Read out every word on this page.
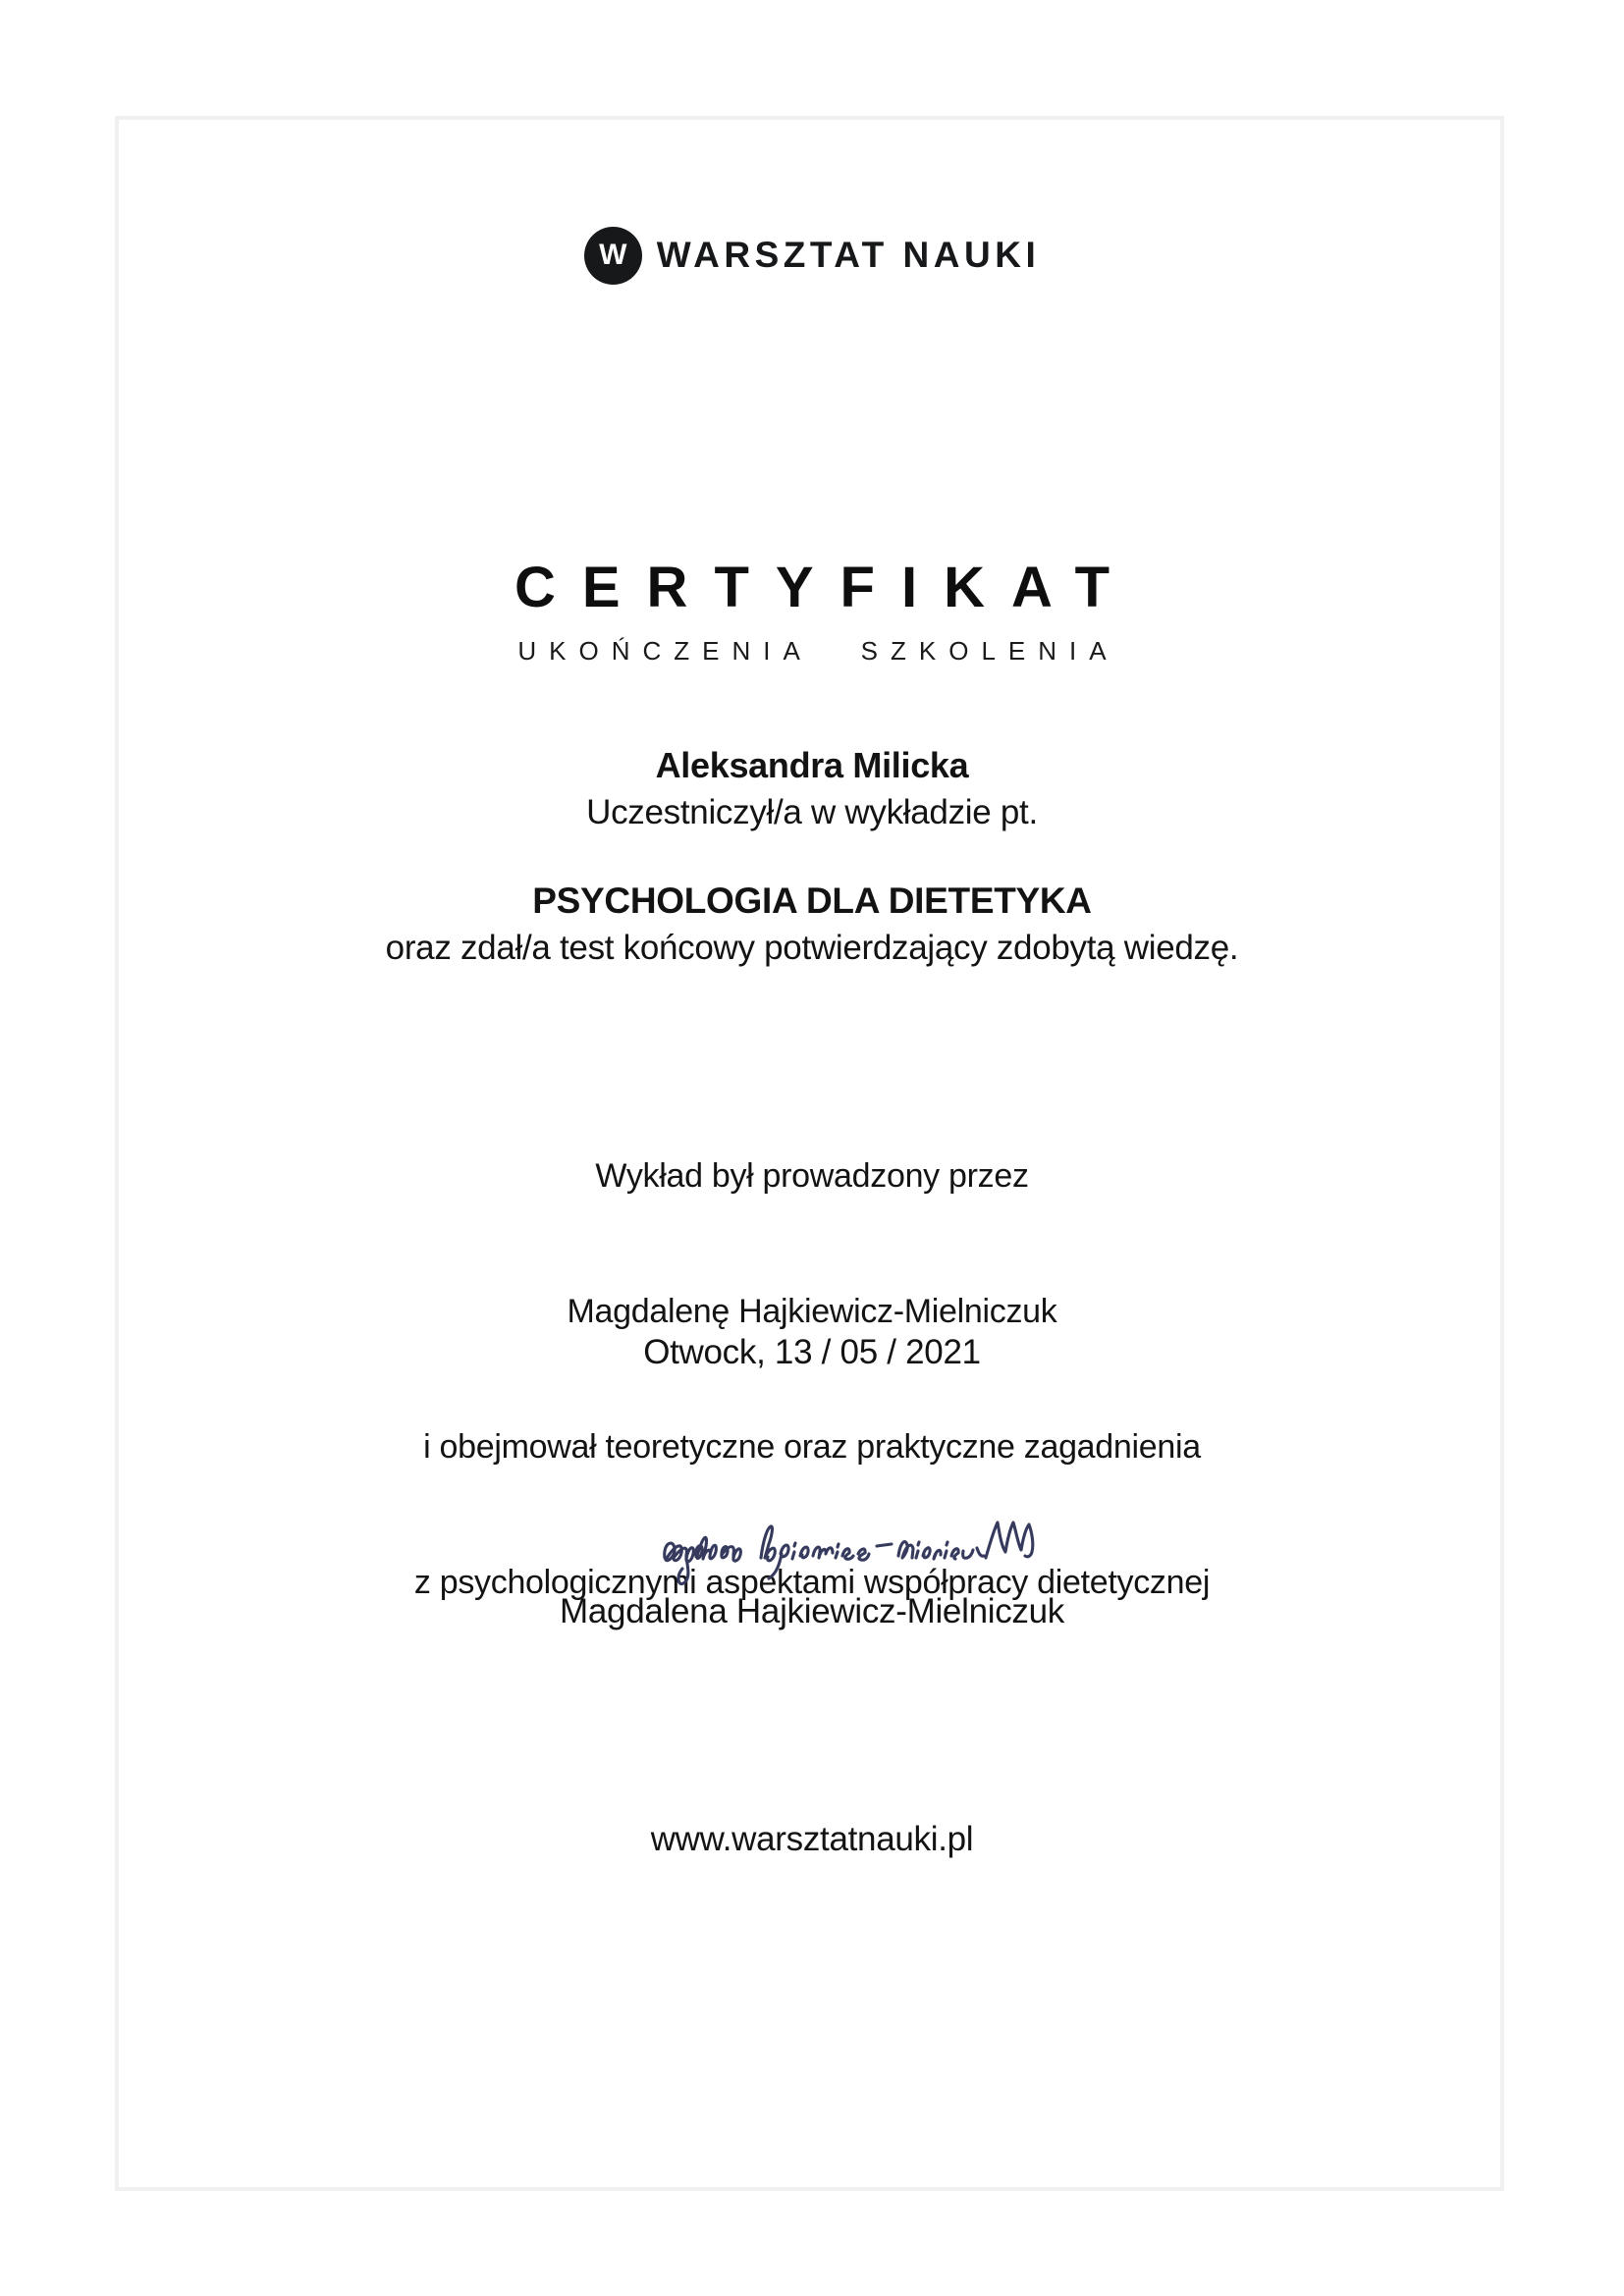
W WARSZTAT NAUKI
CERTYFIKAT
UKOŃCZENIA SZKOLENIA
Aleksandra Milicka
Uczestniczył/a w wykładzie pt.
PSYCHOLOGIA DLA DIETETYKA
oraz zdał/a test końcowy potwierdzający zdobytą wiedzę.

Wykład był prowadzony przez

Magdalenę Hajkiewicz-Mielniczuk

i obejmował teoretyczne oraz praktyczne zagadnienia

z psychologicznymi aspektami współpracy dietetycznej

Otwock, 13 / 05 / 2021
Magdalena Hajkiewicz-Mielniczuk
www.warsztatnauki.pl
